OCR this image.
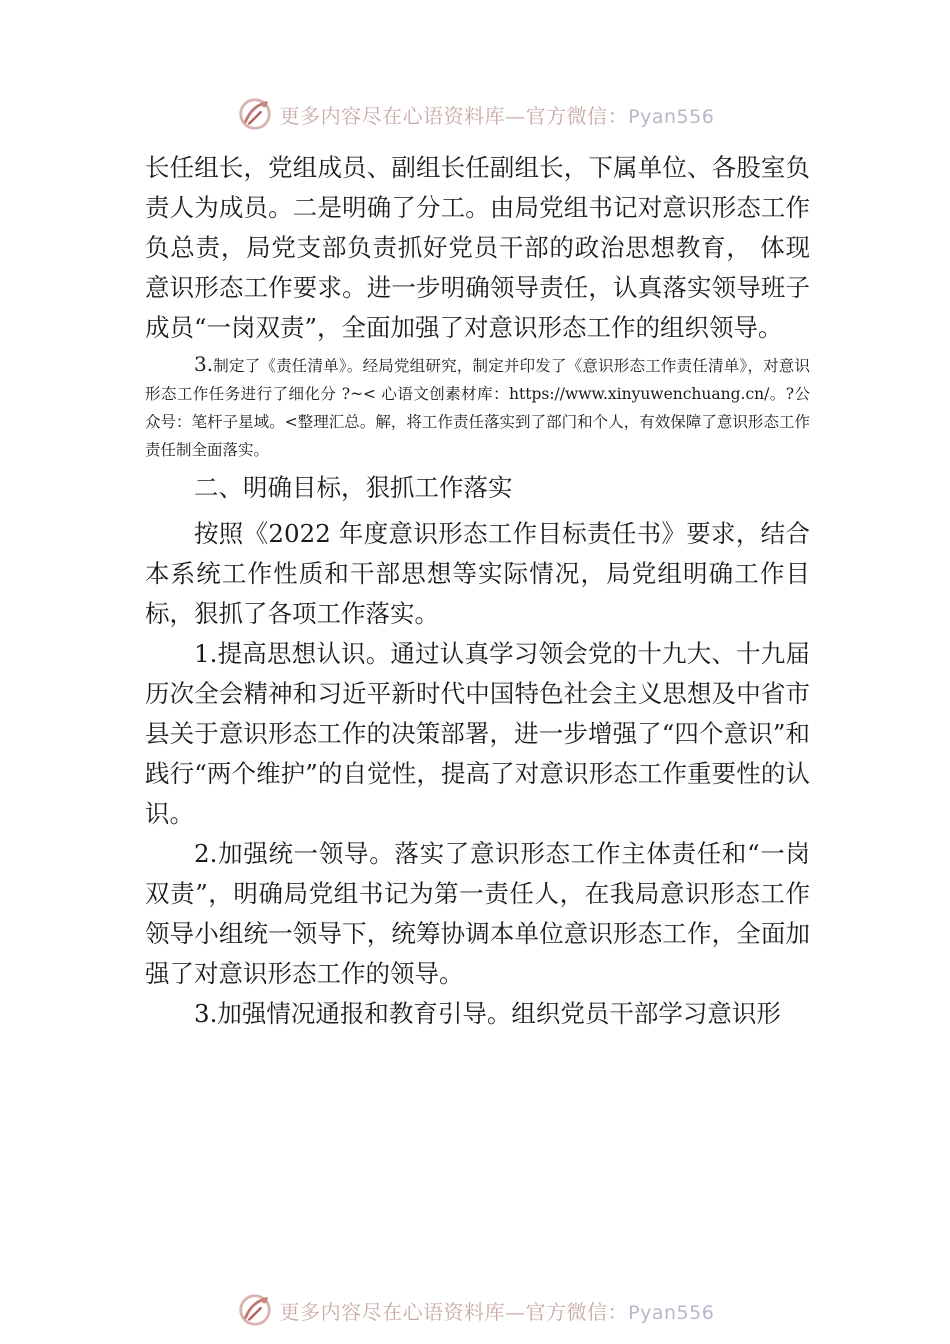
更多内容尽在心语资料库—官方微信：Pyan556

长任组长，党组成员、副组长任副组长，下属单位、各股室负责人为成员。二是明确了分工。由局党组书记对意识形态工作负总责，局党支部负责抓好党员干部的政治思想教育， 体现意识形态工作要求。进一步明确领导责任，认真落实领导班子成员“一岗双责”，全面加强了对意识形态工作的组织领导。

3.制定了《责任清单》。经局党组研究，制定并印发了《意识形态工作责任清单》，对意识形态工作任务进行了细化分 ?~< 心语文创素材库：https://www.xinyuwenchuang.cn/。?公众号：笔杆子星域。<整理汇总。解，将工作责任落实到了部门和个人，有效保障了意识形态工作责任制全面落实。

二、明确目标，狠抓工作落实

按照《2022 年度意识形态工作目标责任书》要求，结合本系统工作性质和干部思想等实际情况，局党组明确工作目标，狠抓了各项工作落实。

1.提高思想认识。通过认真学习领会党的十九大、十九届历次全会精神和习近平新时代中国特色社会主义思想及中省市县关于意识形态工作的决策部署，进一步增强了“四个意识”和践行“两个维护”的自觉性，提高了对意识形态工作重要性的认识。

2.加强统一领导。落实了意识形态工作主体责任和“一岗双责”，明确局党组书记为第一责任人，在我局意识形态工作领导小组统一领导下，统筹协调本单位意识形态工作，全面加强了对意识形态工作的领导。

3.加强情况通报和教育引导。组织党员干部学习意识形

更多内容尽在心语资料库—官方微信：Pyan556
